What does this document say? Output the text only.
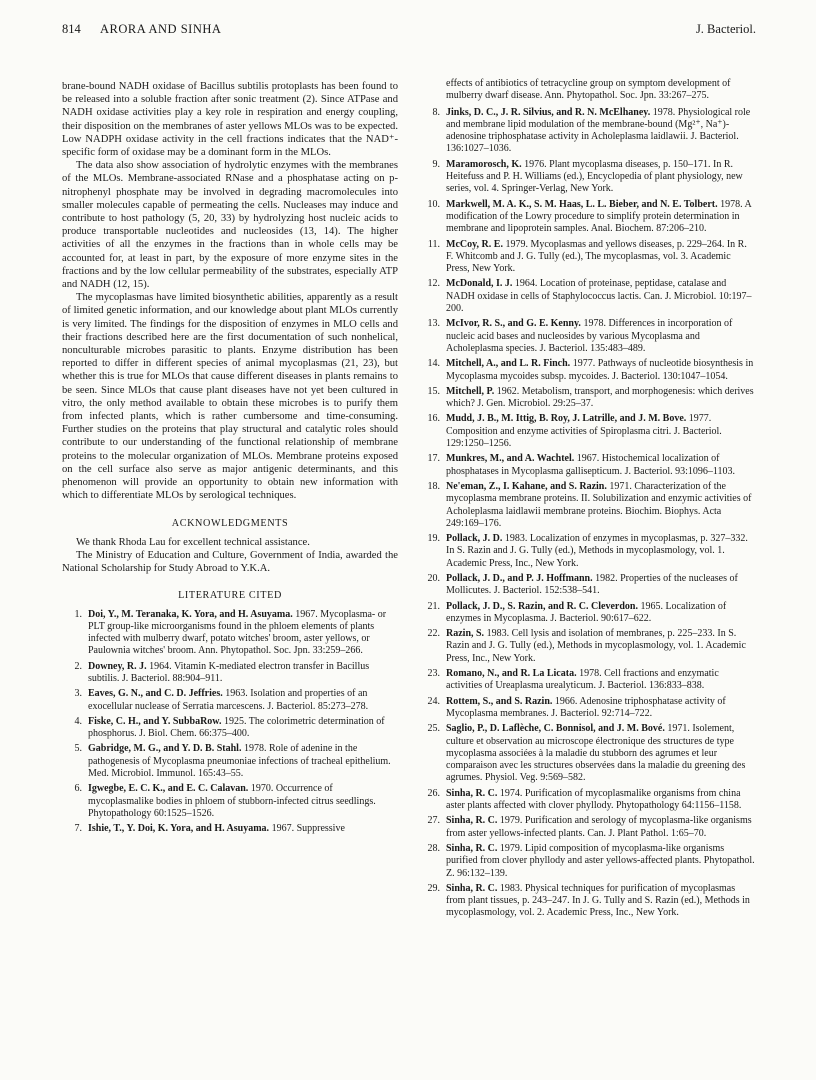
814 ARORA AND SINHA	J. Bacteriol.

brane-bound NADH oxidase of Bacillus subtilis protoplasts has been found to be released into a soluble fraction after sonic treatment (2). Since ATPase and NADH oxidase activities play a key role in respiration and energy coupling, their disposition on the membranes of aster yellows MLOs was to be expected. Low NADPH oxidase activity in the cell fractions indicates that the NAD⁺-specific form of oxidase may be a dominant form in the MLOs.

The data also show association of hydrolytic enzymes with the membranes of the MLOs. Membrane-associated RNase and a phosphatase acting on p-nitrophenyl phosphate may be involved in degrading macromolecules into smaller molecules capable of permeating the cells. Nucleases may induce and contribute to host pathology (5, 20, 33) by hydrolyzing host nucleic acids to produce transportable nucleotides and nucleosides (13, 14). The higher activities of all the enzymes in the fractions than in whole cells may be accounted for, at least in part, by the exposure of more enzyme sites in the fractions and by the low cellular permeability of the substrates, especially ATP and NADH (12, 15).

The mycoplasmas have limited biosynthetic abilities, apparently as a result of limited genetic information, and our knowledge about plant MLOs currently is very limited. The findings for the disposition of enzymes in MLO cells and their fractions described here are the first documentation of such nonhelical, nonculturable microbes parasitic to plants. Enzyme distribution has been reported to differ in different species of animal mycoplasmas (21, 23), but whether this is true for MLOs that cause different diseases in plants remains to be seen. Since MLOs that cause plant diseases have not yet been cultured in vitro, the only method available to obtain these microbes is to purify them from infected plants, which is rather cumbersome and time-consuming. Further studies on the proteins that play structural and catalytic roles should contribute to our understanding of the functional relationship of membrane proteins to the molecular organization of MLOs. Membrane proteins exposed on the cell surface also serve as major antigenic determinants, and this phenomenon will provide an opportunity to obtain new information with which to differentiate MLOs by serological techniques.

ACKNOWLEDGMENTS

We thank Rhoda Lau for excellent technical assistance.

The Ministry of Education and Culture, Government of India, awarded the National Scholarship for Study Abroad to Y.K.A.

LITERATURE CITED
1. Doi, Y., M. Teranaka, K. Yora, and H. Asuyama. 1967. Mycoplasma- or PLT group-like microorganisms found in the phloem elements of plants infected with mulberry dwarf, potato witches' broom, aster yellows, or Paulownia witches' broom. Ann. Phytopathol. Soc. Jpn. 33:259–266.
2. Downey, R. J. 1964. Vitamin K-mediated electron transfer in Bacillus subtilis. J. Bacteriol. 88:904–911.
3. Eaves, G. N., and C. D. Jeffries. 1963. Isolation and properties of an exocellular nuclease of Serratia marcescens. J. Bacteriol. 85:273–278.
4. Fiske, C. H., and Y. SubbaRow. 1925. The colorimetric determination of phosphorus. J. Biol. Chem. 66:375–400.
5. Gabridge, M. G., and Y. D. B. Stahl. 1978. Role of adenine in the pathogenesis of Mycoplasma pneumoniae infections of tracheal epithelium. Med. Microbiol. Immunol. 165:43–55.
6. Igwegbe, E. C. K., and E. C. Calavan. 1970. Occurrence of mycoplasmalike bodies in phloem of stubborn-infected citrus seedlings. Phytopathology 60:1525–1526.
7. Ishie, T., Y. Doi, K. Yora, and H. Asuyama. 1967. Suppressive
effects of antibiotics of tetracycline group on symptom development of mulberry dwarf disease. Ann. Phytopathol. Soc. Jpn. 33:267–275.
8. Jinks, D. C., J. R. Silvius, and R. N. McElhaney. 1978. Physiological role and membrane lipid modulation of the membrane-bound (Mg²⁺, Na⁺)-adenosine triphosphatase activity in Acholeplasma laidlawii. J. Bacteriol. 136:1027–1036.
9. Maramorosch, K. 1976. Plant mycoplasma diseases, p. 150–171. In R. Heitefuss and P. H. Williams (ed.), Encyclopedia of plant physiology, new series, vol. 4. Springer-Verlag, New York.
10. Markwell, M. A. K., S. M. Haas, L. L. Bieber, and N. E. Tolbert. 1978. A modification of the Lowry procedure to simplify protein determination in membrane and lipoprotein samples. Anal. Biochem. 87:206–210.
11. McCoy, R. E. 1979. Mycoplasmas and yellows diseases, p. 229–264. In R. F. Whitcomb and J. G. Tully (ed.), The mycoplasmas, vol. 3. Academic Press, New York.
12. McDonald, I. J. 1964. Location of proteinase, peptidase, catalase and NADH oxidase in cells of Staphylococcus lactis. Can. J. Microbiol. 10:197–200.
13. McIvor, R. S., and G. E. Kenny. 1978. Differences in incorporation of nucleic acid bases and nucleosides by various Mycoplasma and Acholeplasma species. J. Bacteriol. 135:483–489.
14. Mitchell, A., and L. R. Finch. 1977. Pathways of nucleotide biosynthesis in Mycoplasma mycoides subsp. mycoides. J. Bacteriol. 130:1047–1054.
15. Mitchell, P. 1962. Metabolism, transport, and morphogenesis: which derives which? J. Gen. Microbiol. 29:25–37.
16. Mudd, J. B., M. Ittig, B. Roy, J. Latrille, and J. M. Bove. 1977. Composition and enzyme activities of Spiroplasma citri. J. Bacteriol. 129:1250–1256.
17. Munkres, M., and A. Wachtel. 1967. Histochemical localization of phosphatases in Mycoplasma gallisepticum. J. Bacteriol. 93:1096–1103.
18. Ne'eman, Z., I. Kahane, and S. Razin. 1971. Characterization of the mycoplasma membrane proteins. II. Solubilization and enzymic activities of Acholeplasma laidlawii membrane proteins. Biochim. Biophys. Acta 249:169–176.
19. Pollack, J. D. 1983. Localization of enzymes in mycoplasmas, p. 327–332. In S. Razin and J. G. Tully (ed.), Methods in mycoplasmology, vol. 1. Academic Press, Inc., New York.
20. Pollack, J. D., and P. J. Hoffmann. 1982. Properties of the nucleases of Mollicutes. J. Bacteriol. 152:538–541.
21. Pollack, J. D., S. Razin, and R. C. Cleverdon. 1965. Localization of enzymes in Mycoplasma. J. Bacteriol. 90:617–622.
22. Razin, S. 1983. Cell lysis and isolation of membranes, p. 225–233. In S. Razin and J. G. Tully (ed.), Methods in mycoplasmology, vol. 1. Academic Press, Inc., New York.
23. Romano, N., and R. La Licata. 1978. Cell fractions and enzymatic activities of Ureaplasma urealyticum. J. Bacteriol. 136:833–838.
24. Rottem, S., and S. Razin. 1966. Adenosine triphosphatase activity of Mycoplasma membranes. J. Bacteriol. 92:714–722.
25. Saglio, P., D. Laflèche, C. Bonnisol, and J. M. Bové. 1971. Isolement, culture et observation au microscope électronique des structures de type mycoplasma associées à la maladie du stubborn des agrumes et leur comparaison avec les structures observées dans la maladie du greening des agrumes. Physiol. Veg. 9:569–582.
26. Sinha, R. C. 1974. Purification of mycoplasmalike organisms from china aster plants affected with clover phyllody. Phytopathology 64:1156–1158.
27. Sinha, R. C. 1979. Purification and serology of mycoplasma-like organisms from aster yellows-infected plants. Can. J. Plant Pathol. 1:65–70.
28. Sinha, R. C. 1979. Lipid composition of mycoplasma-like organisms purified from clover phyllody and aster yellows-affected plants. Phytopathol. Z. 96:132–139.
29. Sinha, R. C. 1983. Physical techniques for purification of mycoplasmas from plant tissues, p. 243–247. In J. G. Tully and S. Razin (ed.), Methods in mycoplasmology, vol. 2. Academic Press, Inc., New York.
